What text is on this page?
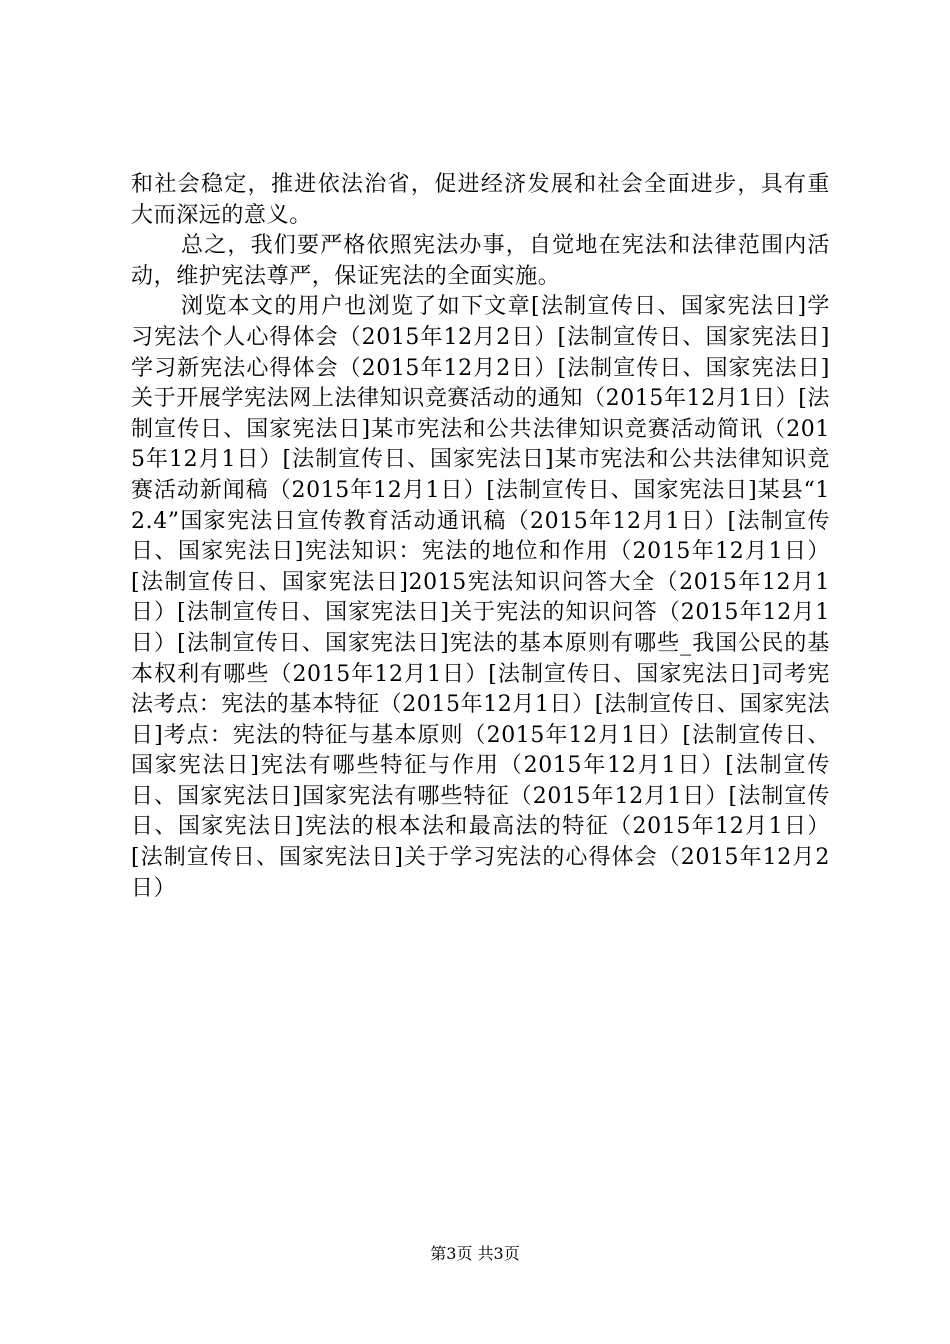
和社会稳定，推进依法治省，促进经济发展和社会全面进步，具有重大而深远的意义。

总之，我们要严格依照宪法办事，自觉地在宪法和法律范围内活动，维护宪法尊严，保证宪法的全面实施。

浏览本文的用户也浏览了如下文章[法制宣传日、国家宪法日]学习宪法个人心得体会（2015年12月2日）[法制宣传日、国家宪法日]学习新宪法心得体会（2015年12月2日）[法制宣传日、国家宪法日]关于开展学宪法网上法律知识竞赛活动的通知（2015年12月1日）[法制宣传日、国家宪法日]某市宪法和公共法律知识竞赛活动简讯（2015年12月1日）[法制宣传日、国家宪法日]某市宪法和公共法律知识竞赛活动新闻稿（2015年12月1日）[法制宣传日、国家宪法日]某县“12.4”国家宪法日宣传教育活动通讯稿（2015年12月1日）[法制宣传日、国家宪法日]宪法知识：宪法的地位和作用（2015年12月1日）[法制宣传日、国家宪法日]2015宪法知识问答大全（2015年12月1日）[法制宣传日、国家宪法日]关于宪法的知识问答（2015年12月1日）[法制宣传日、国家宪法日]宪法的基本原则有哪些_我国公民的基本权利有哪些（2015年12月1日）[法制宣传日、国家宪法日]司考宪法考点：宪法的基本特征（2015年12月1日）[法制宣传日、国家宪法日]考点：宪法的特征与基本原则（2015年12月1日）[法制宣传日、国家宪法日]宪法有哪些特征与作用（2015年12月1日）[法制宣传日、国家宪法日]国家宪法有哪些特征（2015年12月1日）[法制宣传日、国家宪法日]宪法的根本法和最高法的特征（2015年12月1日）[法制宣传日、国家宪法日]关于学习宪法的心得体会（2015年12月2日）

第3页 共3页
